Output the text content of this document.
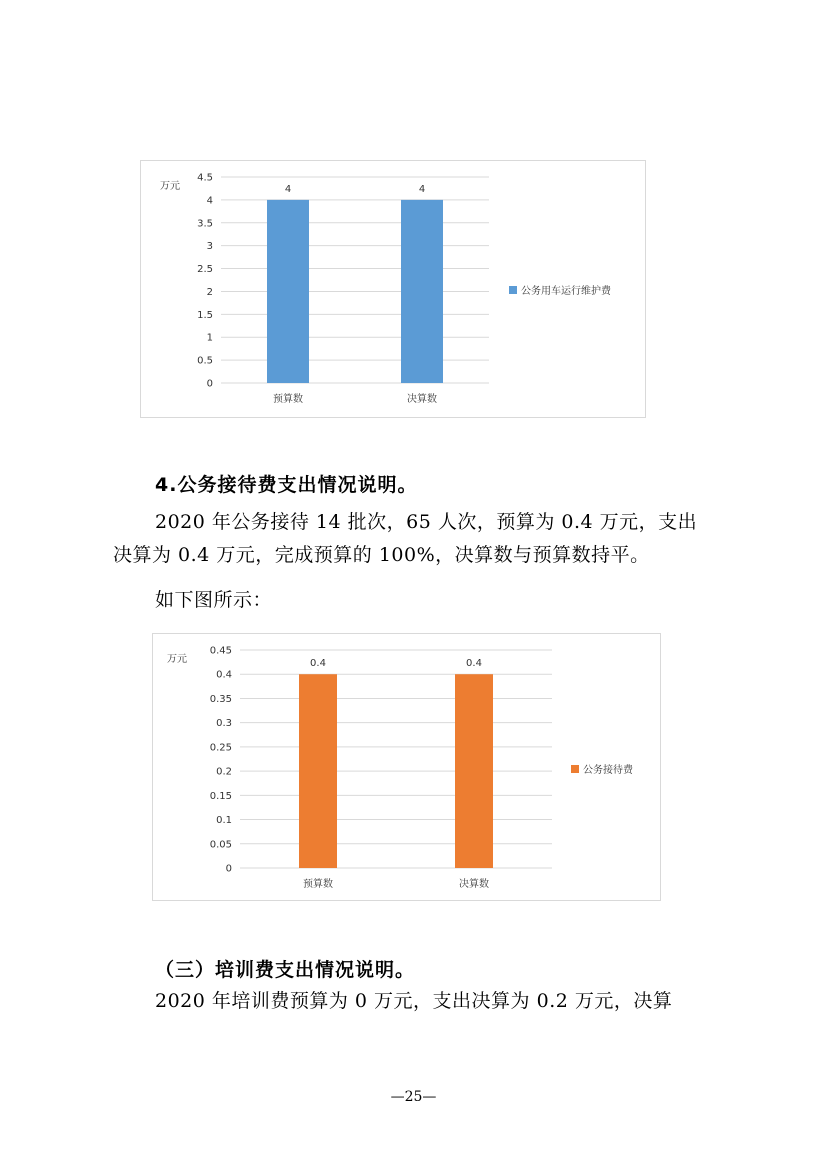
0
0.5
1
1.5
2
2.5
3
3.5
4
4.5
万元	4
预算数
4
决算数
公务用车运行维护费
4.公务接待费支出情况说明。
2020 年公务接待 14 批次，65 人次，预算为 0.4 万元，支出
决算为 0.4 万元，完成预算的 100%，决算数与预算数持平。
如下图所示：
0
0.05
0.1
0.15
0.2
0.25
0.3
0.35
0.4
0.45
万元	0.4
预算数
0.4
决算数
公务接待费
（三）培训费支出情况说明。
2020 年培训费预算为 0 万元，支出决算为 0.2 万元，决算
—25—
